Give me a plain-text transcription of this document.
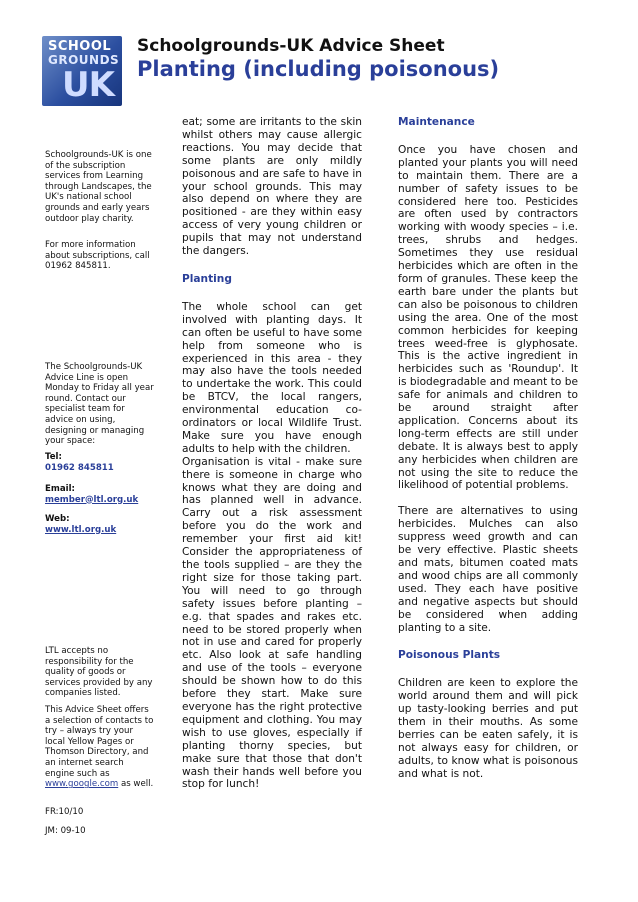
SCHOOL
GROUNDS
UK
Schoolgrounds-UK Advice Sheet
Planting (including poisonous)

Schoolgrounds-UK is one of the subscription services from Learning through Landscapes, the UK's national school grounds and early years outdoor play charity.

For more information about subscriptions, call 01962 845811.

The Schoolgrounds-UK Advice Line is open Monday to Friday all year round. Contact our specialist team for advice on using, designing or managing your space:

Tel:

01962 845811

Email:

member@ltl.org.uk

Web:

www.ltl.org.uk

LTL accepts no responsibility for the quality of goods or services provided by any companies listed.

This Advice Sheet offers a selection of contacts to try – always try your local Yellow Pages or Thomson Directory, and an internet search engine such as www.google.com as well.

FR:10/10

JM: 09-10

eat; some are irritants to the skin whilst others may cause allergic reactions. You may decide that some plants are only mildly poisonous and are safe to have in your school grounds. This may also depend on where they are positioned - are they within easy access of very young children or pupils that may not understand the dangers.

Planting

The whole school can get involved with planting days. It can often be useful to have some help from someone who is experienced in this area - they may also have the tools needed to undertake the work. This could be BTCV, the local rangers, environmental education co-ordinators or local Wildlife Trust. Make sure you have enough adults to help with the children.

Organisation is vital - make sure there is someone in charge who knows what they are doing and has planned well in advance. Carry out a risk assessment before you do the work and remember your first aid kit! Consider the appropriateness of the tools supplied – are they the right size for those taking part. You will need to go through safety issues before planting – e.g. that spades and rakes etc. need to be stored properly when not in use and cared for properly etc. Also look at safe handling and use of the tools – everyone should be shown how to do this before they start. Make sure everyone has the right protective equipment and clothing. You may wish to use gloves, especially if planting thorny species, but make sure that those that don't wash their hands well before you stop for lunch!

Maintenance

Once you have chosen and planted your plants you will need to maintain them. There are a number of safety issues to be considered here too. Pesticides are often used by contractors working with woody species – i.e. trees, shrubs and hedges. Sometimes they use residual herbicides which are often in the form of granules. These keep the earth bare under the plants but can also be poisonous to children using the area. One of the most common herbicides for keeping trees weed-free is glyphosate. This is the active ingredient in herbicides such as 'Roundup'. It is biodegradable and meant to be safe for animals and children to be around straight after application. Concerns about its long-term effects are still under debate. It is always best to apply any herbicides when children are not using the site to reduce the likelihood of potential problems.

There are alternatives to using herbicides. Mulches can also suppress weed growth and can be very effective. Plastic sheets and mats, bitumen coated mats and wood chips are all commonly used. They each have positive and negative aspects but should be considered when adding planting to a site.

Poisonous Plants

Children are keen to explore the world around them and will pick up tasty-looking berries and put them in their mouths. As some berries can be eaten safely, it is not always easy for children, or adults, to know what is poisonous and what is not.
